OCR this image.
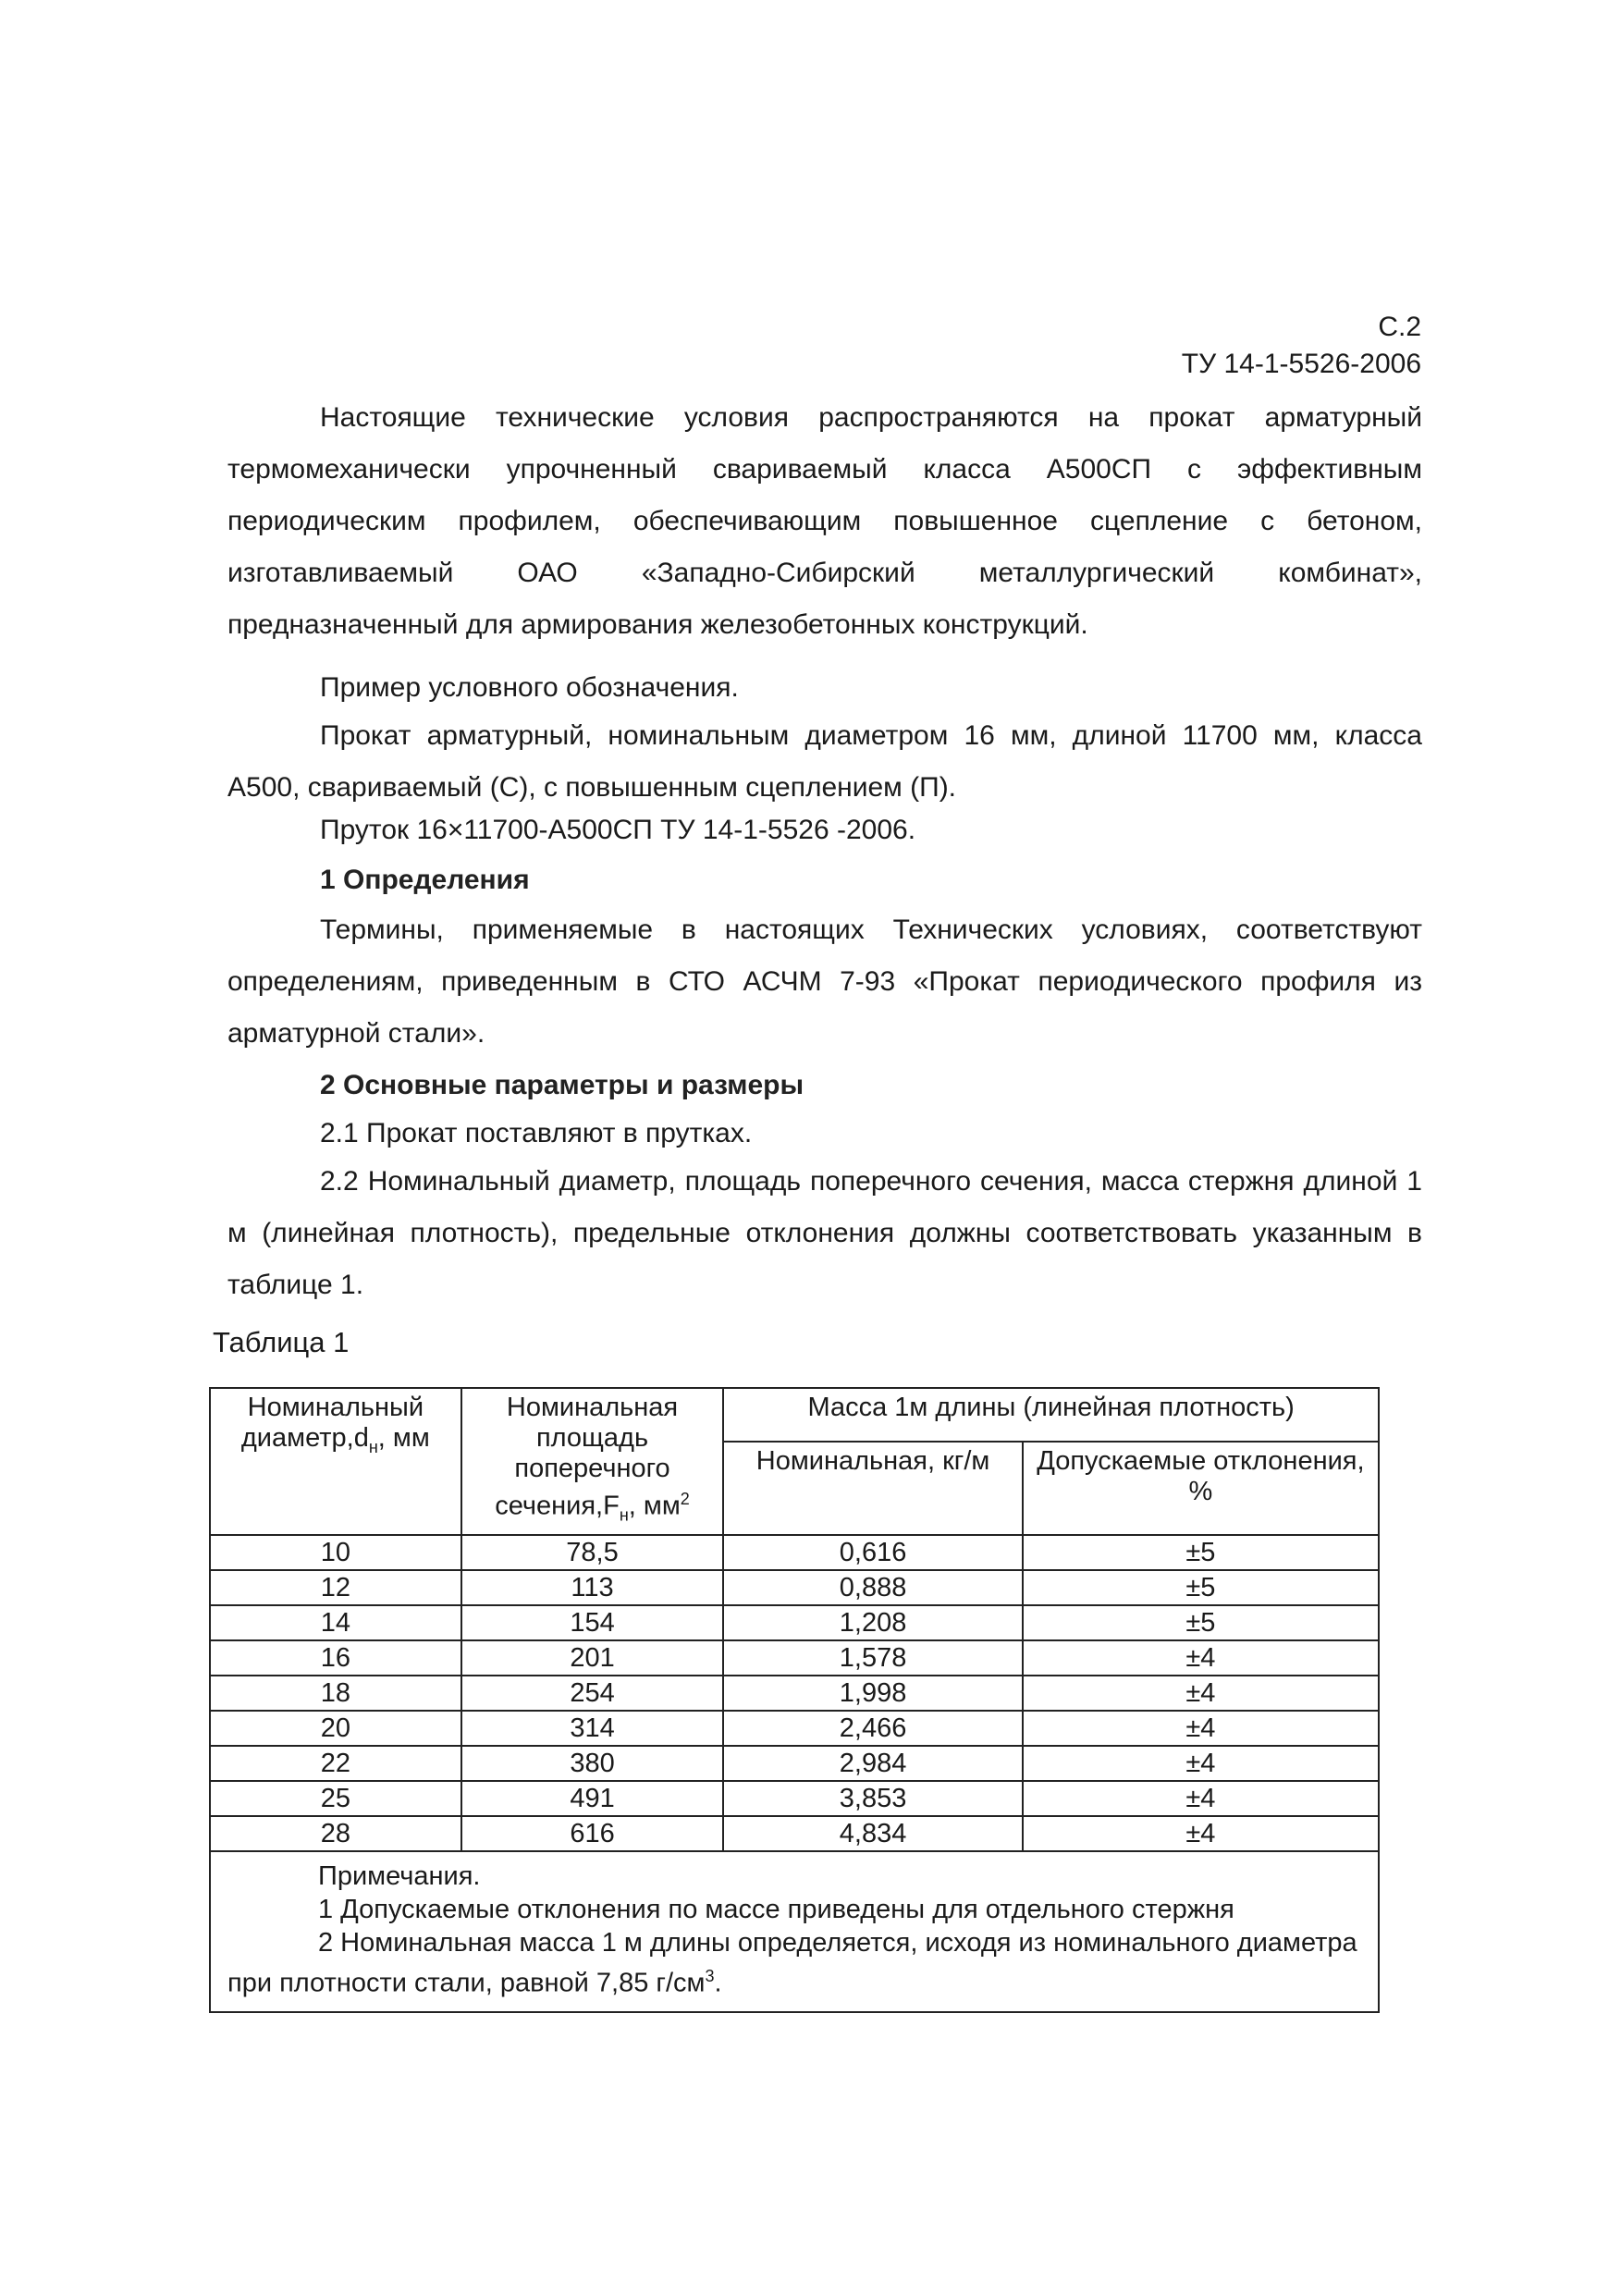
С.2
ТУ 14-1-5526-2006

Настоящие технические условия распространяются на прокат арматурный термомеханически упрочненный свариваемый класса А500СП с эффективным периодическим профилем, обеспечивающим повышенное сцепление с бетоном, изготавливаемый ОАО «Западно-Сибирский металлургический комбинат», предназначенный для армирования железобетонных конструкций.

Пример условного обозначения.

Прокат арматурный, номинальным диаметром 16 мм, длиной 11700 мм, класса А500, свариваемый (С), с повышенным сцеплением (П).

Пруток 16×11700-А500СП ТУ 14-1-5526 -2006.

1 Определения

Термины, применяемые в настоящих Технических условиях, соответствуют определениям, приведенным в СТО АСЧМ 7-93 «Прокат периодического профиля из арматурной стали».

2 Основные параметры и размеры

2.1 Прокат поставляют в прутках.

2.2 Номинальный диаметр, площадь поперечного сечения, масса стержня длиной 1 м (линейная плотность), предельные отклонения должны соответствовать указанным в таблице 1.

Таблица 1
Номинальный $диаметр,d_н$, мм	Номинальная площадь поперечного $сечения,F_н$, $мм^2$	Масса 1м длины (линейная плотность)	
		Номинальная, кг/м	Допускаемые отклонения, %
10	78,5	0,616	±5
12	113	0,888	±5
14	154	1,208	±5
16	201	1,578	±4
18	254	1,998	±4
20	314	2,466	±4
22	380	2,984	±4
25	491	3,853	±4
28	616	4,834	±4
Примечания.
1 Допускаемые отклонения по массе приведены для отдельного стержня
2 Номинальная масса 1 м длины определяется, исходя из номинального диаметра при плотности стали, равной 7,85 $г/см^3$.
